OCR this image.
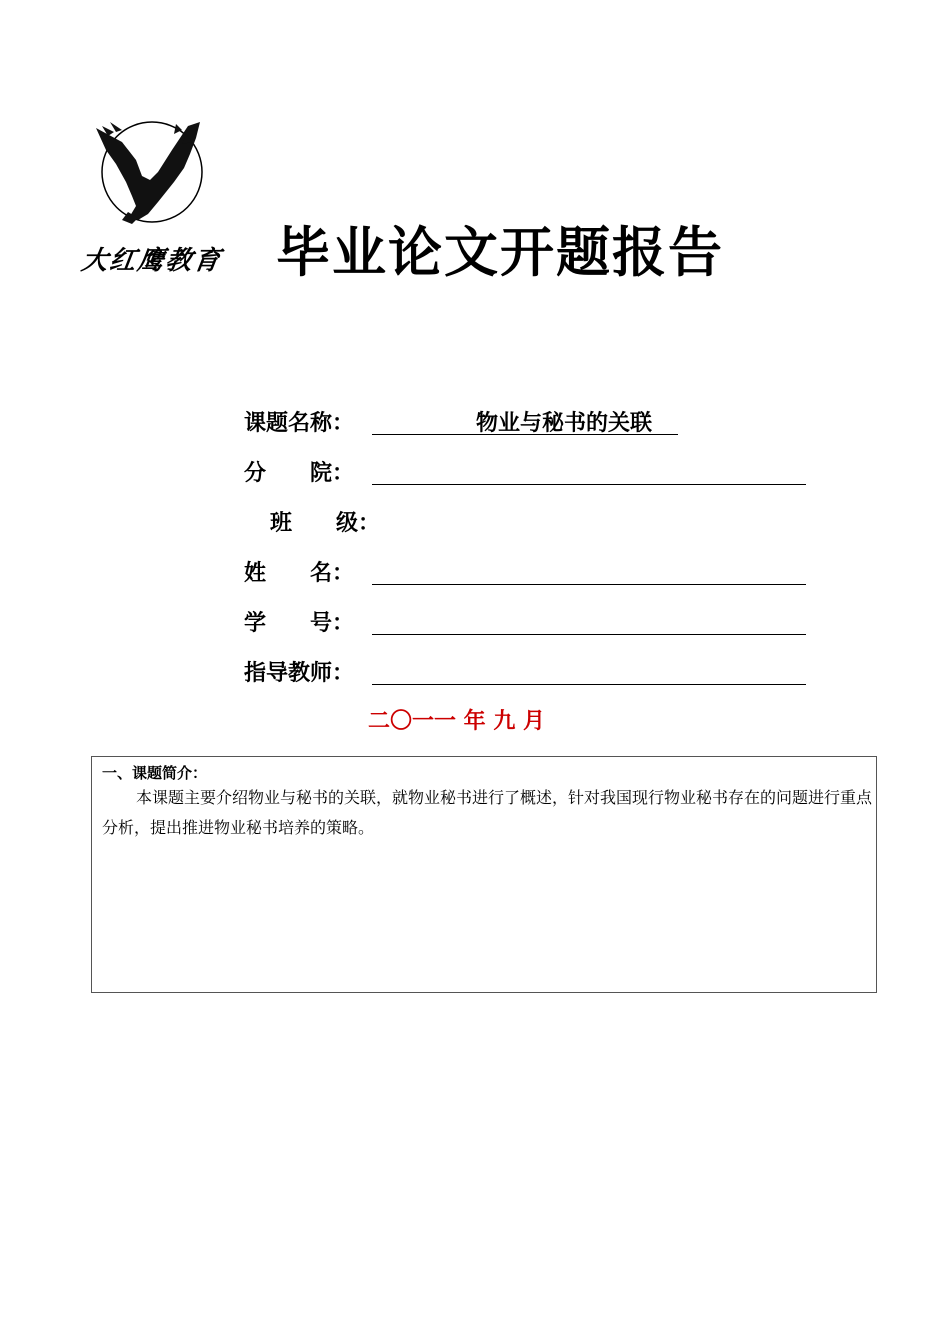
大红鹰教育 毕业论文开题报告
课题名称：	物业与秘书的关联
分　　院：
班　　级：
姓　　名：
学　　号：
指导教师：
二〇一一 年 九 月
一、课题简介：
本课题主要介绍物业与秘书的关联，就物业秘书进行了概述，针对我国现行物业秘书存在的问题进行重点分析，提出推进物业秘书培养的策略。
